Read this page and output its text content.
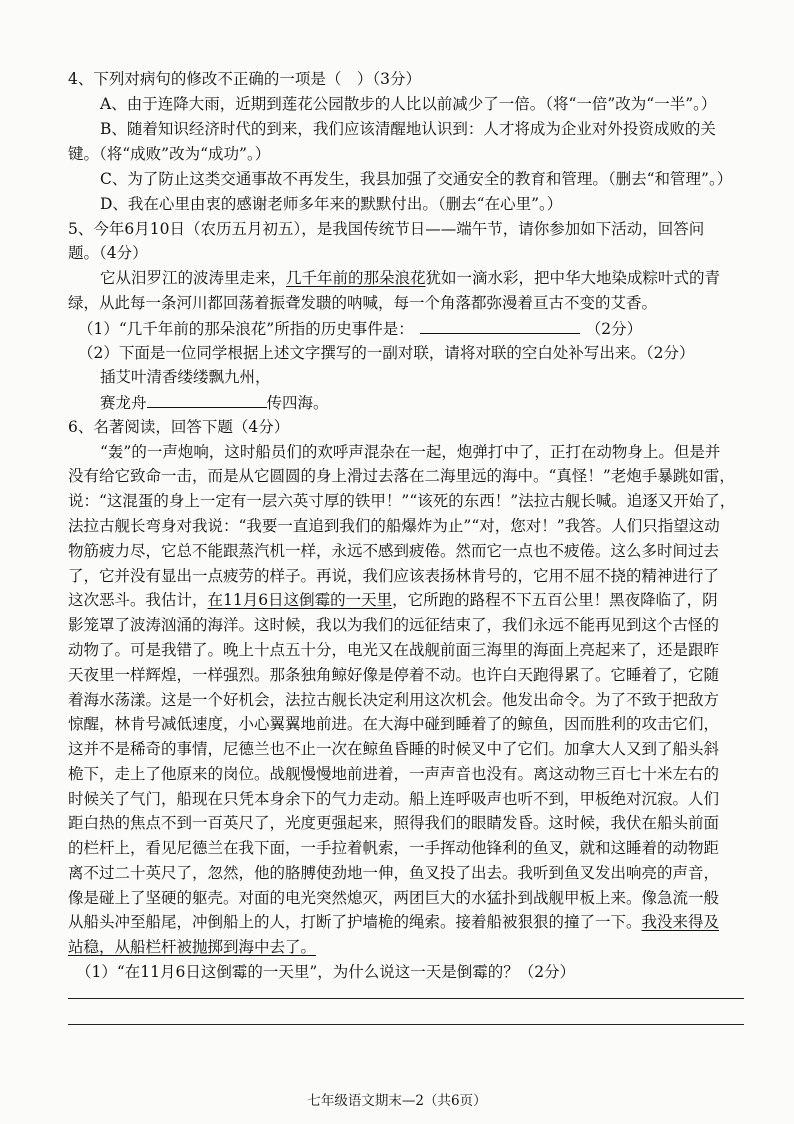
4、下列对病句的修改不正确的一项是（　）（3分）
A、由于连降大雨，近期到莲花公园散步的人比以前减少了一倍。（将“一倍”改为“一半”。）
B、随着知识经济时代的到来，我们应该清醒地认识到：人才将成为企业对外投资成败的关
键。（将“成败”改为“成功”。）
C、为了防止这类交通事故不再发生，我县加强了交通安全的教育和管理。（删去“和管理”。）
D、我在心里由衷的感谢老师多年来的默默付出。（删去“在心里”。）
5、今年6月10日（农历五月初五），是我国传统节日——端午节，请你参加如下活动，回答问
题。（4分）
它从汨罗江的波涛里走来，几千年前的那朵浪花犹如一滴水彩，把中华大地染成粽叶式的青
绿，从此每一条河川都回荡着振聋发聩的呐喊，每一个角落都弥漫着亘古不变的艾香。
（1）“几千年前的那朵浪花”所指的历史事件是：	（2分）
（2）下面是一位同学根据上述文字撰写的一副对联，请将对联的空白处补写出来。（2分）
插艾叶清香缕缕飘九州，
赛龙舟	传四海。
6、名著阅读，回答下题（4分）
“轰”的一声炮响，这时船员们的欢呼声混杂在一起，炮弹打中了，正打在动物身上。但是并
没有给它致命一击，而是从它圆圆的身上滑过去落在二海里远的海中。“真怪！”老炮手暴跳如雷，
说：“这混蛋的身上一定有一层六英寸厚的铁甲！”“该死的东西！”法拉古舰长喊。追逐又开始了，
法拉古舰长弯身对我说：“我要一直追到我们的船爆炸为止”“对，您对！”我答。人们只指望这动
物筋疲力尽，它总不能跟蒸汽机一样，永远不感到疲倦。然而它一点也不疲倦。这么多时间过去
了，它并没有显出一点疲劳的样子。再说，我们应该表扬林肯号的，它用不屈不挠的精神进行了
这次恶斗。我估计，在11月6日这倒霉的一天里，它所跑的路程不下五百公里！黑夜降临了，阴
影笼罩了波涛汹涌的海洋。这时候，我以为我们的远征结束了，我们永远不能再见到这个古怪的
动物了。可是我错了。晚上十点五十分，电光又在战舰前面三海里的海面上亮起来了，还是跟昨
天夜里一样辉煌，一样强烈。那条独角鲸好像是停着不动。也许白天跑得累了。它睡着了，它随
着海水荡漾。这是一个好机会，法拉古舰长决定利用这次机会。他发出命令。为了不致于把敌方
惊醒，林肯号减低速度，小心翼翼地前进。在大海中碰到睡着了的鲸鱼，因而胜利的攻击它们，
这并不是稀奇的事情，尼德兰也不止一次在鲸鱼昏睡的时候叉中了它们。加拿大人又到了船头斜
桅下，走上了他原来的岗位。战舰慢慢地前进着，一声声音也没有。离这动物三百七十米左右的
时候关了气门，船现在只凭本身余下的气力走动。船上连呼吸声也听不到，甲板绝对沉寂。人们
距白热的焦点不到一百英尺了，光度更强起来，照得我们的眼睛发昏。这时候，我伏在船头前面
的栏杆上，看见尼德兰在我下面，一手拉着帆索，一手挥动他锋利的鱼叉，就和这睡着的动物距
离不过二十英尺了，忽然，他的胳膊使劲地一伸，鱼叉投了出去。我听到鱼叉发出响亮的声音，
像是碰上了坚硬的躯壳。对面的电光突然熄灭，两团巨大的水猛扑到战舰甲板上来。像急流一般
从船头冲至船尾，冲倒船上的人，打断了护墙桅的绳索。接着船被狠狠的撞了一下。我没来得及
站稳，从船栏杆被抛掷到海中去了。
（1）“在11月6日这倒霉的一天里”，为什么说这一天是倒霉的？（2分）
七年级语文期末—2（共6页）
